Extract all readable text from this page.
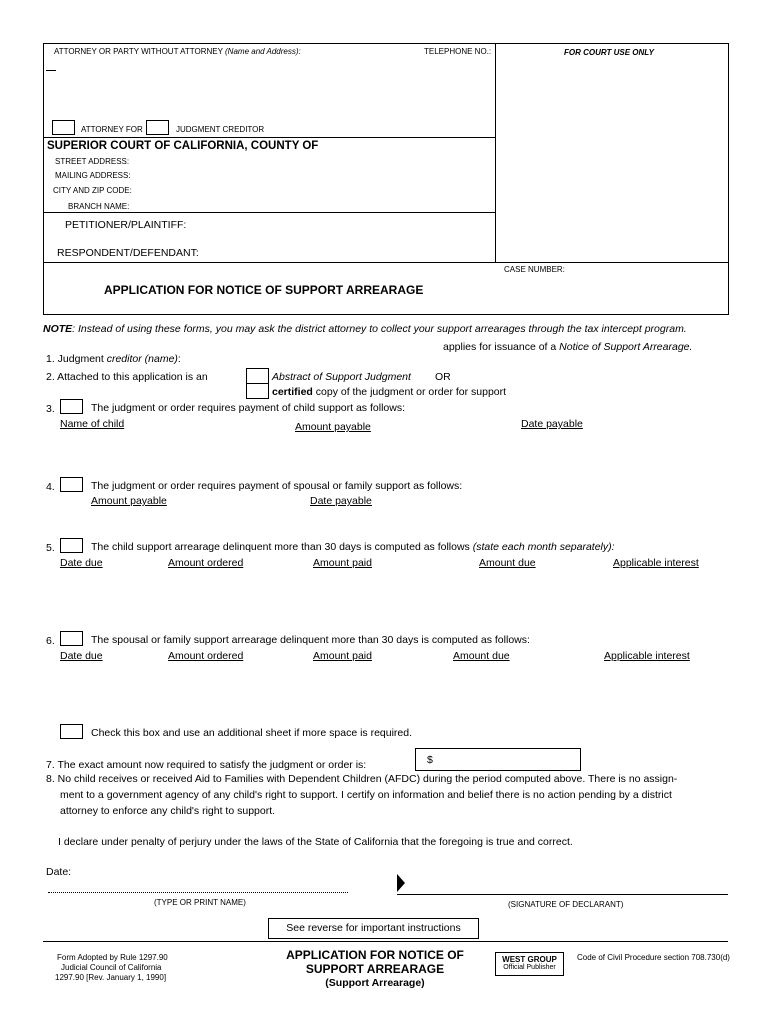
ATTORNEY OR PARTY WITHOUT ATTORNEY (Name and Address):	TELEPHONE NO.:	FOR COURT USE ONLY
ATTORNEY FOR	JUDGMENT CREDITOR
SUPERIOR COURT OF CALIFORNIA, COUNTY OF
STREET ADDRESS:
MAILING ADDRESS:
CITY AND ZIP CODE:
BRANCH NAME:
PETITIONER/PLAINTIFF:
RESPONDENT/DEFENDANT:
CASE NUMBER:
APPLICATION FOR NOTICE OF SUPPORT ARREARAGE
NOTE: Instead of using these forms, you may ask the district attorney to collect your support arrearages through the tax intercept program.
applies for issuance of a Notice of Support Arrearage.
1. Judgment creditor (name):
2. Attached to this application is an	Abstract of Support Judgment OR
certified copy of the judgment or order for support
3.	The judgment or order requires payment of child support as follows:
Name of child	Amount payable	Date payable
4.	The judgment or order requires payment of spousal or family support as follows:
Amount payable	Date payable
5.	The child support arrearage delinquent more than 30 days is computed as follows (state each month separately):
Date due	Amount ordered	Amount paid	Amount due	Applicable interest
6.	The spousal or family support arrearage delinquent more than 30 days is computed as follows:
Date due	Amount ordered	Amount paid	Amount due	Applicable interest
Check this box and use an additional sheet if more space is required.
7. The exact amount now required to satisfy the judgment or order is:	$
8. No child receives or received Aid to Families with Dependent Children (AFDC) during the period computed above. There is no assign-
ment to a government agency of any child's right to support. I certify on information and belief there is no action pending by a district
attorney to enforce any child's right to support.
I declare under penalty of perjury under the laws of the State of California that the foregoing is true and correct.
Date:
(TYPE OR PRINT NAME)	(SIGNATURE OF DECLARANT)
See reverse for important instructions
Form Adopted by Rule 1297.90
Judicial Council of California
1297.90 [Rev. January 1, 1990]
APPLICATION FOR NOTICE OF
SUPPORT ARREARAGE
(Support Arrearage)
WEST GROUP
Official Publisher
Code of Civil Procedure section 708.730(d)
